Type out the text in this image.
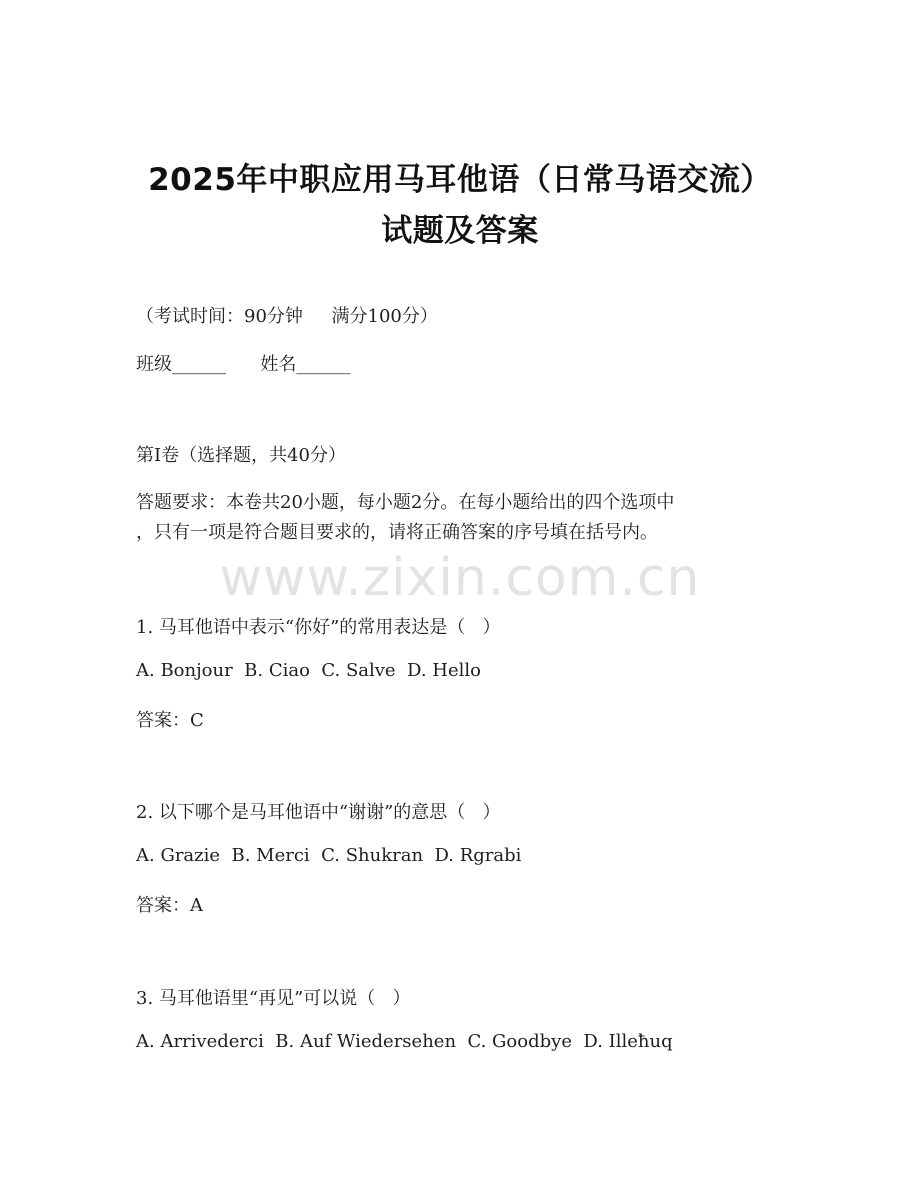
2025年中职应用马耳他语（日常马语交流）
试题及答案
（考试时间：90分钟     满分100分）
班级______      姓名______
第I卷（选择题，共40分）
答题要求：本卷共20小题，每小题2分。在每小题给出的四个选项中
，只有一项是符合题目要求的，请将正确答案的序号填在括号内。
www.zixin.com.cn
1. 马耳他语中表示“你好”的常用表达是（   ）
A. Bonjour  B. Ciao  C. Salve  D. Hello
答案：C
2. 以下哪个是马耳他语中“谢谢”的意思（   ）
A. Grazie  B. Merci  C. Shukran  D. Rgrabi
答案：A
3. 马耳他语里“再见”可以说（   ）
A. Arrivederci  B. Auf Wiedersehen  C. Goodbye  D. Illeħuq
